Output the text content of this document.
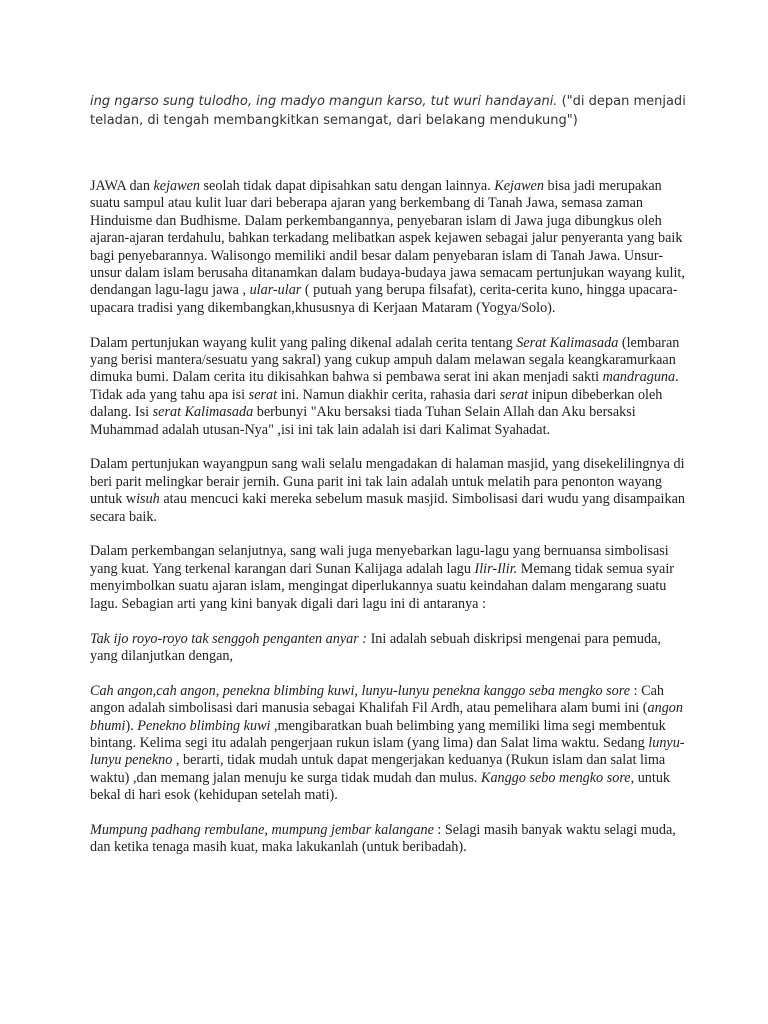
ing ngarso sung tulodho, ing madyo mangun karso, tut wuri handayani. ("di depan menjadi teladan, di tengah membangkitkan semangat, dari belakang mendukung")

JAWA dan kejawen seolah tidak dapat dipisahkan satu dengan lainnya. Kejawen bisa jadi merupakan suatu sampul atau kulit luar dari beberapa ajaran yang berkembang di Tanah Jawa, semasa zaman Hinduisme dan Budhisme. Dalam perkembangannya, penyebaran islam di Jawa juga dibungkus oleh ajaran-ajaran terdahulu, bahkan terkadang melibatkan aspek kejawen sebagai jalur penyeranta yang baik bagi penyebarannya. Walisongo memiliki andil besar dalam penyebaran islam di Tanah Jawa. Unsur-unsur dalam islam berusaha ditanamkan dalam budaya-budaya jawa semacam pertunjukan wayang kulit, dendangan lagu-lagu jawa , ular-ular ( putuah yang berupa filsafat), cerita-cerita kuno, hingga upacara-upacara tradisi yang dikembangkan,khususnya di Kerjaan Mataram (Yogya/Solo).

Dalam pertunjukan wayang kulit yang paling dikenal adalah cerita tentang Serat Kalimasada (lembaran yang berisi mantera/sesuatu yang sakral) yang cukup ampuh dalam melawan segala keangkaramurkaan dimuka bumi. Dalam cerita itu dikisahkan bahwa si pembawa serat ini akan menjadi sakti mandraguna. Tidak ada yang tahu apa isi serat ini. Namun diakhir cerita, rahasia dari serat inipun dibeberkan oleh dalang. Isi serat Kalimasada berbunyi "Aku bersaksi tiada Tuhan Selain Allah dan Aku bersaksi Muhammad adalah utusan-Nya" ,isi ini tak lain adalah isi dari Kalimat Syahadat.

Dalam pertunjukan wayangpun sang wali selalu mengadakan di halaman masjid, yang disekelilingnya di beri parit melingkar berair jernih. Guna parit ini tak lain adalah untuk melatih para penonton wayang untuk wisuh atau mencuci kaki mereka sebelum masuk masjid. Simbolisasi dari wudu yang disampaikan secara baik.

Dalam perkembangan selanjutnya, sang wali juga menyebarkan lagu-lagu yang bernuansa simbolisasi yang kuat. Yang terkenal karangan dari Sunan Kalijaga adalah lagu Ilir-Ilir. Memang tidak semua syair menyimbolkan suatu ajaran islam, mengingat diperlukannya suatu keindahan dalam mengarang suatu lagu. Sebagian arti yang kini banyak digali dari lagu ini di antaranya :

Tak ijo royo-royo tak senggoh penganten anyar : Ini adalah sebuah diskripsi mengenai para pemuda, yang dilanjutkan dengan,

Cah angon,cah angon, penekna blimbing kuwi, lunyu-lunyu penekna kanggo seba mengko sore : Cah angon adalah simbolisasi dari manusia sebagai Khalifah Fil Ardh, atau pemelihara alam bumi ini (angon bhumi). Penekno blimbing kuwi ,mengibaratkan buah belimbing yang memiliki lima segi membentuk bintang. Kelima segi itu adalah pengerjaan rukun islam (yang lima) dan Salat lima waktu. Sedang lunyu-lunyu penekno , berarti, tidak mudah untuk dapat mengerjakan keduanya (Rukun islam dan salat lima waktu) ,dan memang jalan menuju ke surga tidak mudah dan mulus. Kanggo sebo mengko sore, untuk bekal di hari esok (kehidupan setelah mati).

Mumpung padhang rembulane, mumpung jembar kalangane : Selagi masih banyak waktu selagi muda, dan ketika tenaga masih kuat, maka lakukanlah (untuk beribadah).
